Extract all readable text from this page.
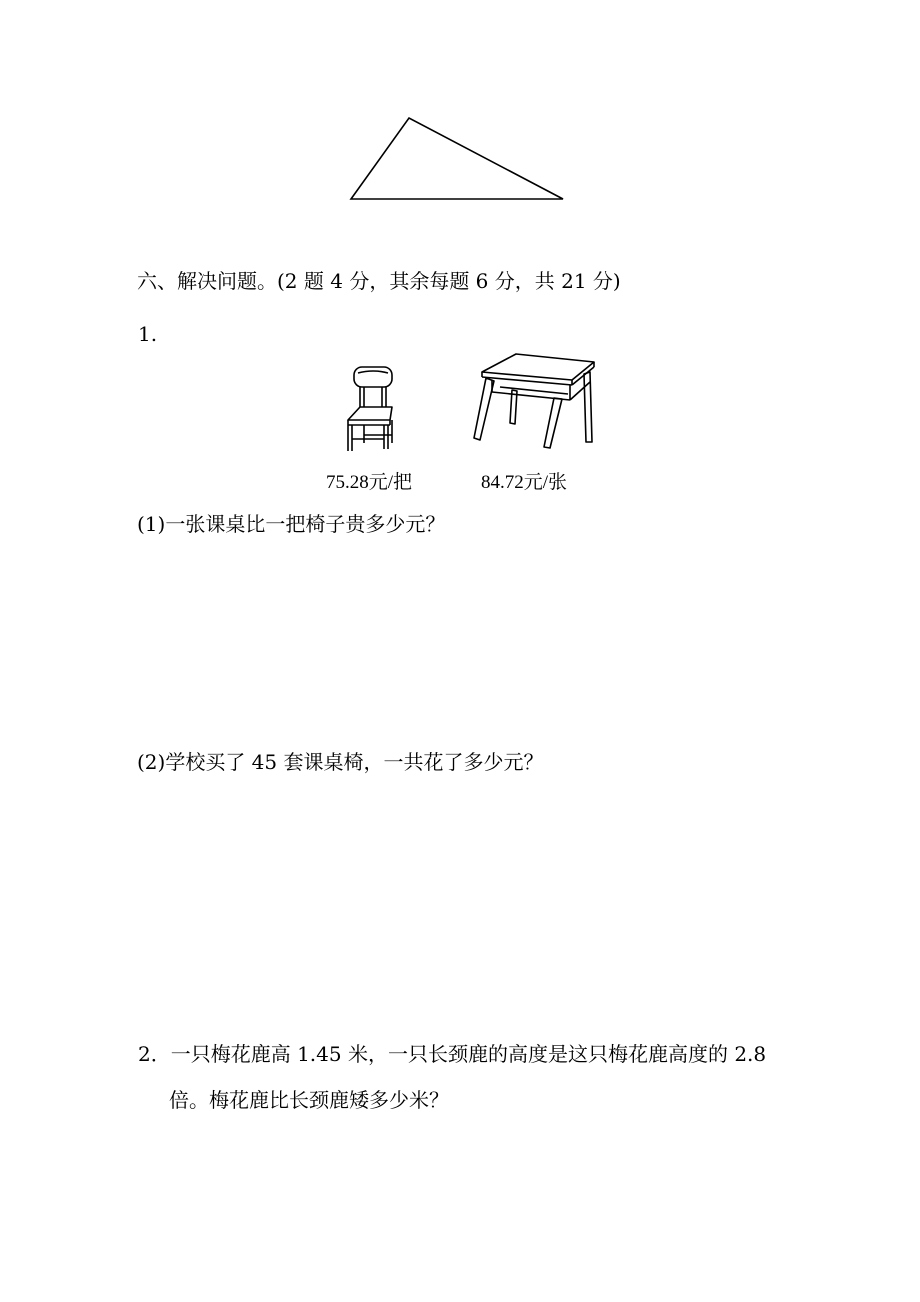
六、解决问题。(2 题 4 分，其余每题 6 分，共 21 分)
1.
75.28元/把	84.72元/张
(1)一张课桌比一把椅子贵多少元？
(2)学校买了 45 套课桌椅，一共花了多少元？
2．一只梅花鹿高 1.45 米，一只长颈鹿的高度是这只梅花鹿高度的 2.8
倍。梅花鹿比长颈鹿矮多少米？
